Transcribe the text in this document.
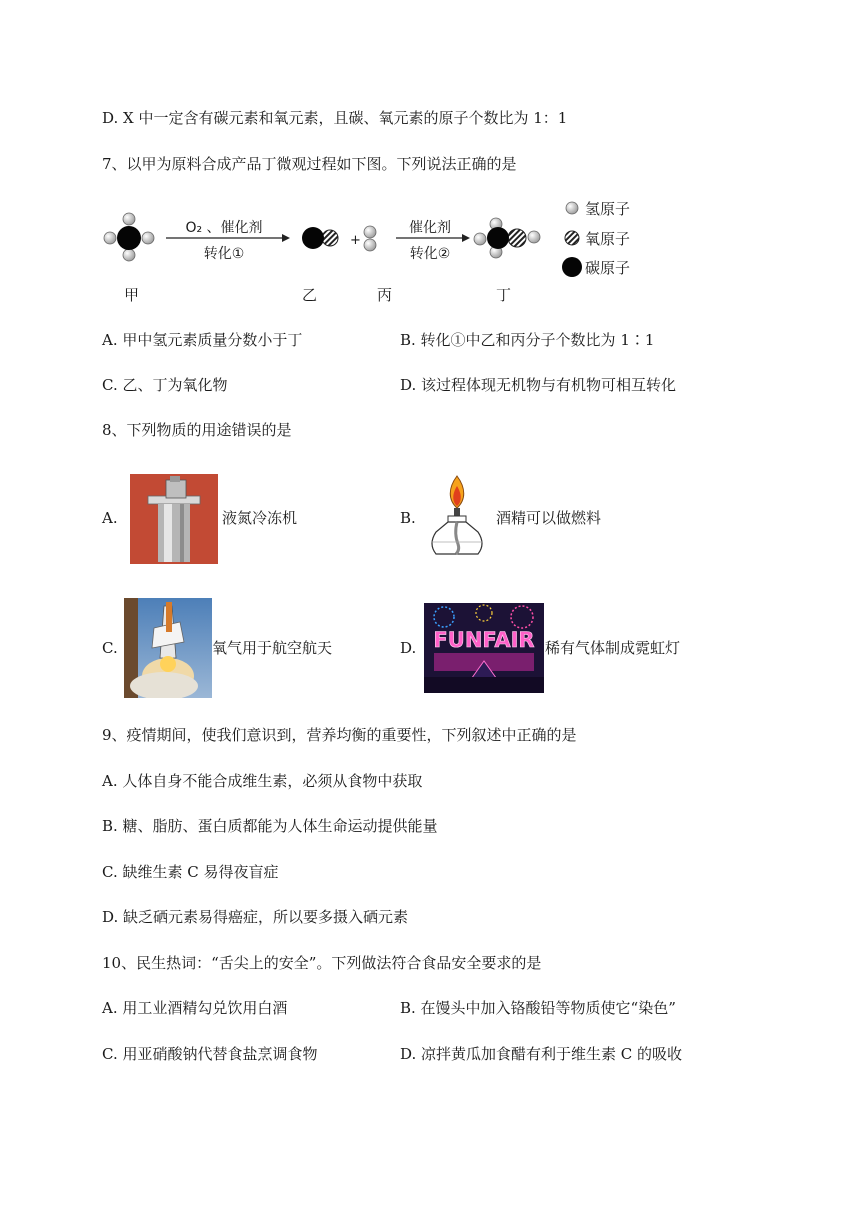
D. X 中一定含有碳元素和氧元素，且碳、氧元素的原子个数比为 1：1
7、以甲为原料合成产品丁微观过程如下图。下列说法正确的是
O₂ 、催化剂
转化①
+
催化剂
转化②
氢原子
氧原子
碳原子
甲	乙	丙	丁
A. 甲中氢元素质量分数小于丁	B. 转化①中乙和丙分子个数比为 1∶1
C. 乙、丁为氧化物	D. 该过程体现无机物与有机物可相互转化
8、下列物质的用途错误的是
A.	液氮冷冻机	B.	酒精可以做燃料
C.	氧气用于航空航天	D. FUNFAIR 稀有气体制成霓虹灯
9、疫情期间，使我们意识到，营养均衡的重要性，下列叙述中正确的是
A. 人体自身不能合成维生素，必须从食物中获取
B. 糖、脂肪、蛋白质都能为人体生命运动提供能量
C. 缺维生素 C 易得夜盲症
D. 缺乏硒元素易得癌症，所以要多摄入硒元素
10、民生热词：“舌尖上的安全”。下列做法符合食品安全要求的是
A. 用工业酒精勾兑饮用白酒	B. 在馒头中加入铬酸铅等物质使它“染色”
C. 用亚硝酸钠代替食盐烹调食物	D. 凉拌黄瓜加食醋有利于维生素 C 的吸收
